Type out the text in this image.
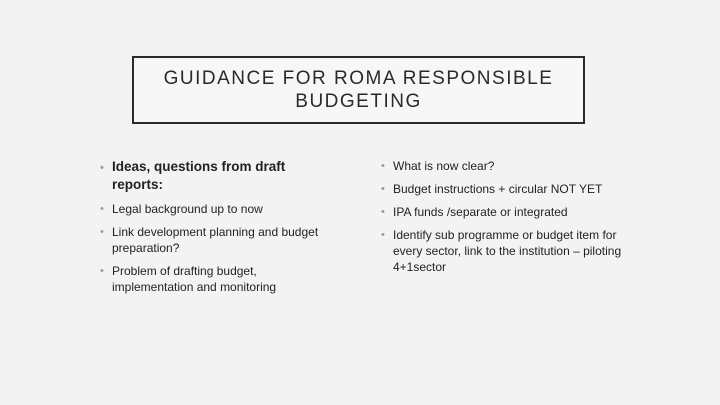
GUIDANCE FOR ROMA RESPONSIBLE
BUDGETING
• Ideas, questions from draft reports:
• Legal background up to now
• Link development planning and budget preparation?
• Problem of drafting budget, implementation and monitoring
• What is now clear?
• Budget instructions + circular NOT YET
• IPA funds /separate or integrated
• Identify sub programme or budget item for every sector, link to the institution – piloting 4+1sector
